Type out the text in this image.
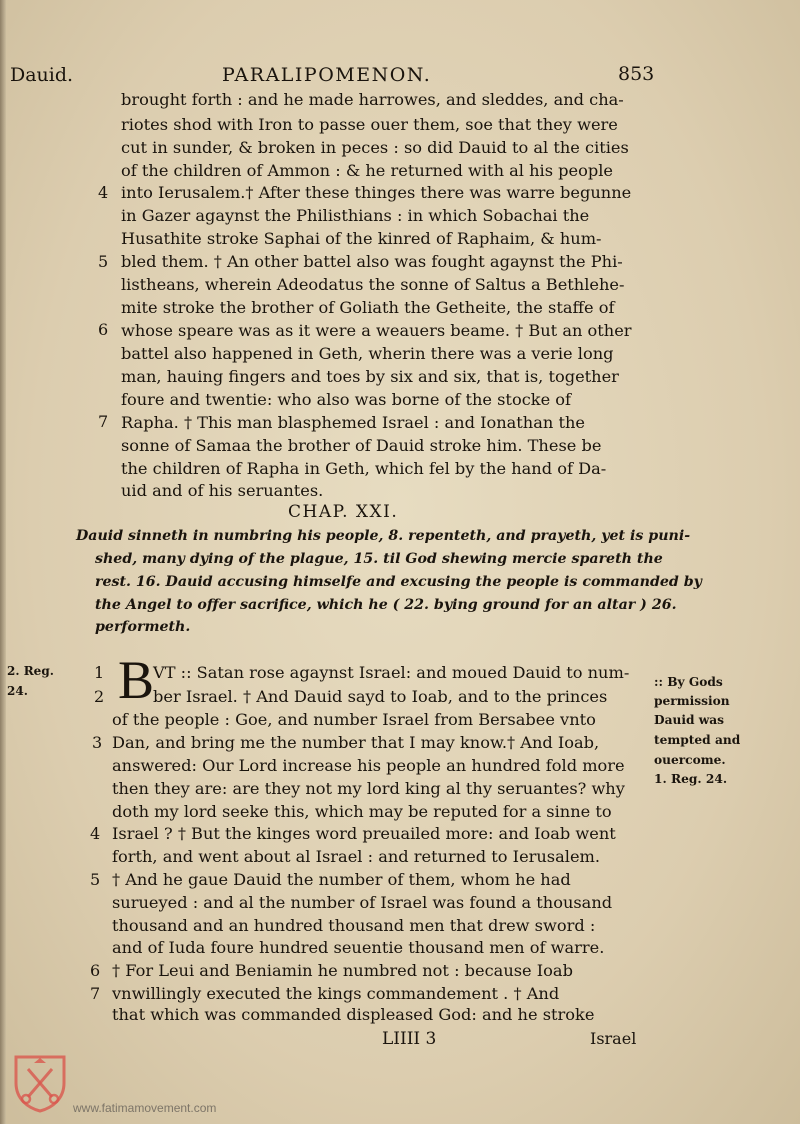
Dauid.	PARALIPOMENON.	853
brought forth : and he made harrowes, and sleddes, and cha-
riotes shod with Iron to passe ouer them, soe that they were
cut in sunder, & broken in peces : so did Dauid to al the cities
of the children of Ammon : & he returned with al his people
into Ierusalem.† After these thinges there was warre begunne
in Gazer agaynst the Philisthians : in which Sobachai the
Husathite stroke Saphai of the kinred of Raphaim, & hum-
bled them. † An other battel also was fought agaynst the Phi-
listheans, wherein Adeodatus the sonne of Saltus a Bethlehe-
mite stroke the brother of Goliath the Getheite, the staffe of
whose speare was as it were a weauers beame. † But an other
battel also happened in Geth, wherin there was a verie long
man, hauing fingers and toes by six and six, that is, together
foure and twentie: who also was borne of the stocke of
Rapha. † This man blasphemed Israel : and Ionathan the
sonne of Samaa the brother of Dauid stroke him. These be
the children of Rapha in Geth, which fel by the hand of Da-
uid and of his seruantes.
4
5
6
7
CHAP. XXI.
Dauid sinneth in numbring his people, 8. repenteth, and prayeth, yet is puni-
shed, many dying of the plague, 15. til God shewing mercie spareth the
rest. 16. Dauid accusing himselfe and excusing the people is commanded by
the Angel to offer sacrifice, which he ( 22. bying ground for an altar ) 26.
performeth.
2. Reg.
24. B
VT :: Satan rose agaynst Israel: and moued Dauid to num-
ber Israel. † And Dauid sayd to Ioab, and to the princes
of the people : Goe, and number Israel from Bersabee vnto
Dan, and bring me the number that I may know.† And Ioab,
answered: Our Lord increase his people an hundred fold more
then they are: are they not my lord king al thy seruantes? why
doth my lord seeke this, which may be reputed for a sinne to
Israel ? † But the kinges word preuailed more: and Ioab went
forth, and went about al Israel : and returned to Ierusalem.
† And he gaue Dauid the number of them, whom he had
surueyed : and al the number of Israel was found a thousand
thousand and an hundred thousand men that drew sword :
and of Iuda foure hundred seuentie thousand men of warre.
† For Leui and Beniamin he numbred not : because Ioab
vnwillingly executed the kings commandement . † And
that which was commanded displeased God: and he stroke
1
2
3
4
5
6
7
:: By Gods
permission
Dauid was
tempted and
ouercome.
1. Reg. 24.
LIIII 3	Israel
www.fatimamovement.com
